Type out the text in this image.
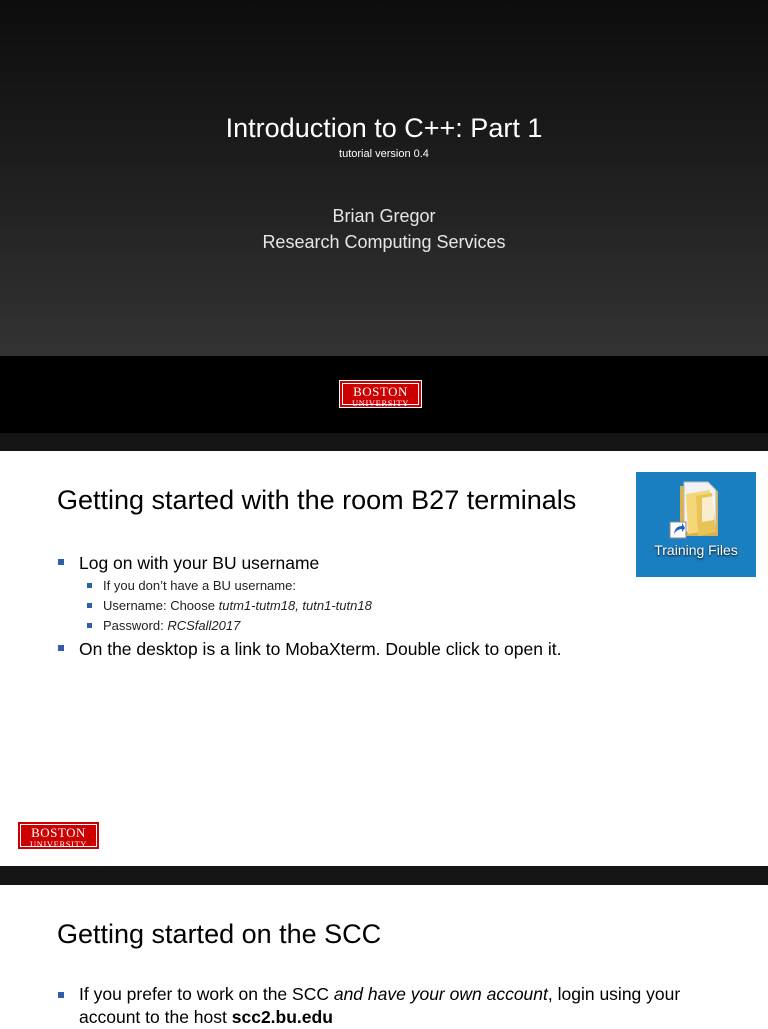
Introduction to C++: Part 1
tutorial version 0.4
Brian Gregor
Research Computing Services
BOSTON
UNIVERSITY
Getting started with the room B27 terminals
Log on with your BU username
If you don’t have a BU username:
Username: Choose tutm1-tutm18, tutn1-tutn18
Password: RCSfall2017
On the desktop is a link to MobaXterm. Double click to open it.
Training Files
BOSTON
UNIVERSITY
Getting started on the SCC
If you prefer to work on the SCC and have your own account, login using your account to the host scc2.bu.edu
